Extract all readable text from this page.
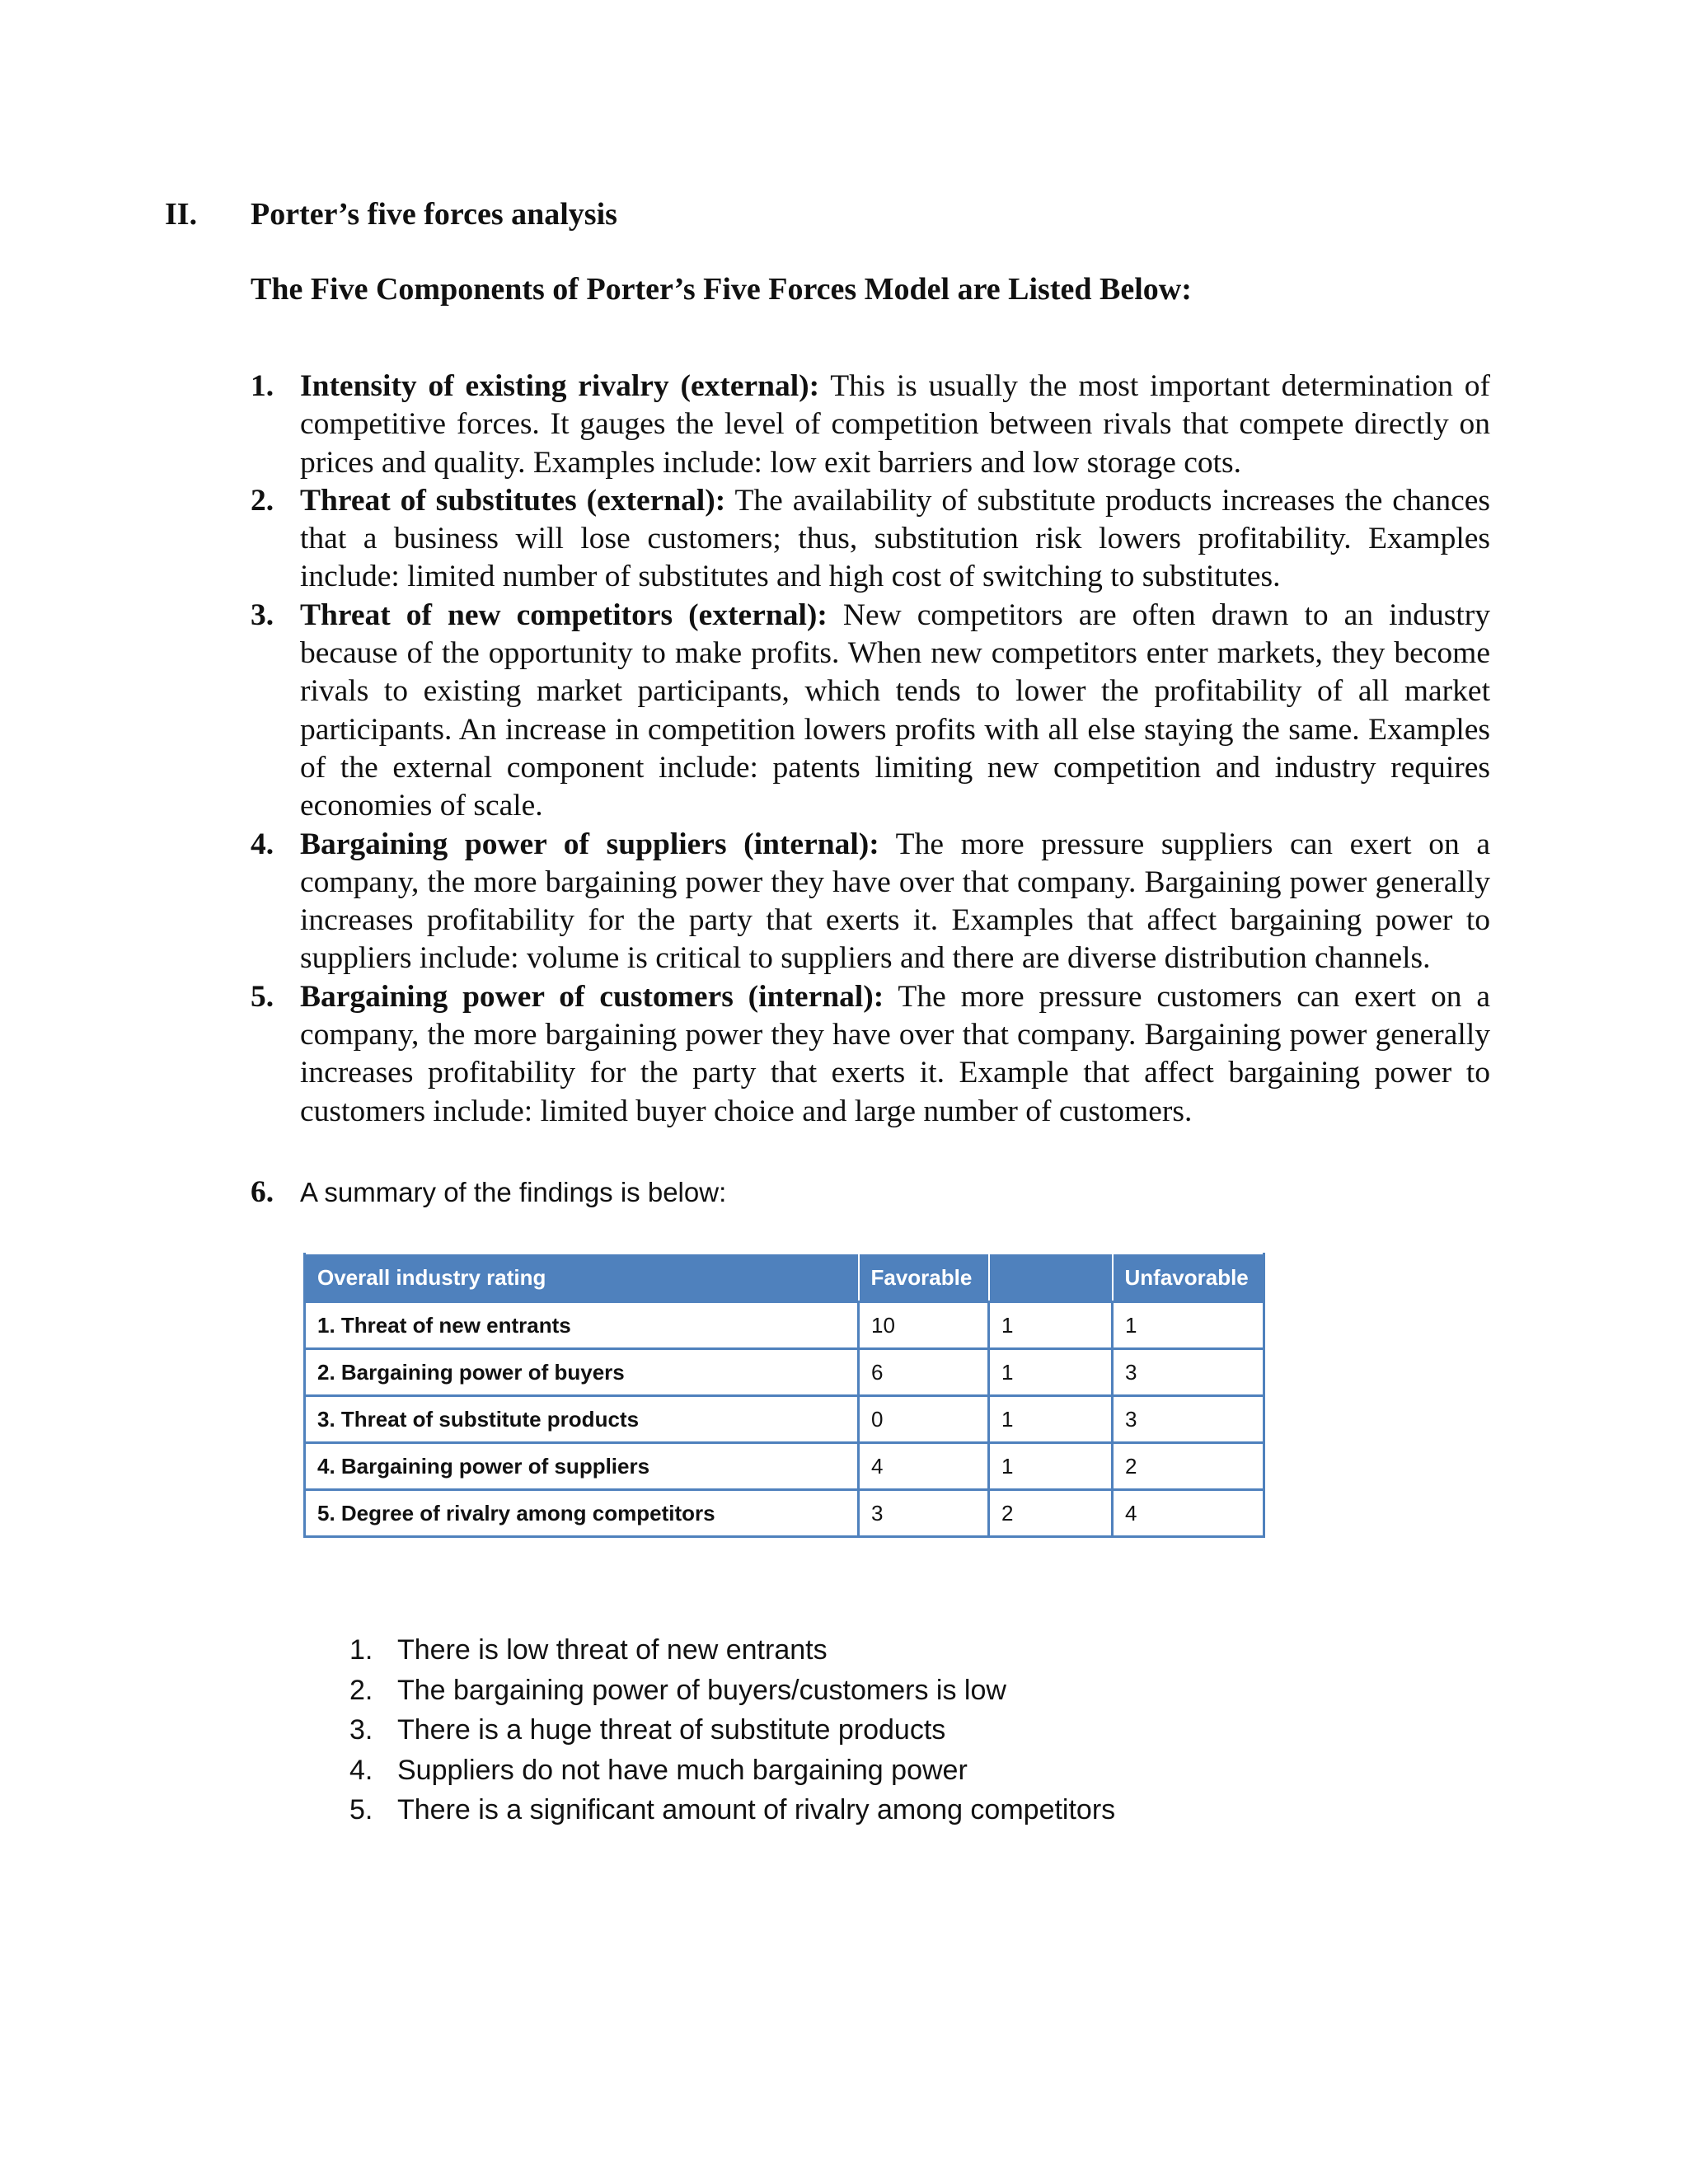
II.	Porter’s five forces analysis
The Five Components of Porter’s Five Forces Model are Listed Below:
1. Intensity of existing rivalry (external): This is usually the most important determination of competitive forces. It gauges the level of competition between rivals that compete directly on prices and quality. Examples include: low exit barriers and low storage cots.
2. Threat of substitutes (external): The availability of substitute products increases the chances that a business will lose customers; thus, substitution risk lowers profitability. Examples include: limited number of substitutes and high cost of switching to substitutes.
3. Threat of new competitors (external): New competitors are often drawn to an industry because of the opportunity to make profits. When new competitors enter markets, they become rivals to existing market participants, which tends to lower the profitability of all market participants. An increase in competition lowers profits with all else staying the same. Examples of the external component include: patents limiting new competition and industry requires economies of scale.
4. Bargaining power of suppliers (internal): The more pressure suppliers can exert on a company, the more bargaining power they have over that company. Bargaining power generally increases profitability for the party that exerts it. Examples that affect bargaining power to suppliers include: volume is critical to suppliers and there are diverse distribution channels.
5. Bargaining power of customers (internal): The more pressure customers can exert on a company, the more bargaining power they have over that company. Bargaining power generally increases profitability for the party that exerts it. Example that affect bargaining power to customers include: limited buyer choice and large number of customers.
6. A summary of the findings is below:
Overall industry rating	Favorable		Unfavorable
1. Threat of new entrants	10	1	1
2. Bargaining power of buyers	6	1	3
3. Threat of substitute products	0	1	3
4. Bargaining power of suppliers	4	1	2
5. Degree of rivalry among competitors	3	2	4
1. There is low threat of new entrants
2. The bargaining power of buyers/customers is low
3. There is a huge threat of substitute products
4. Suppliers do not have much bargaining power
5. There is a significant amount of rivalry among competitors
